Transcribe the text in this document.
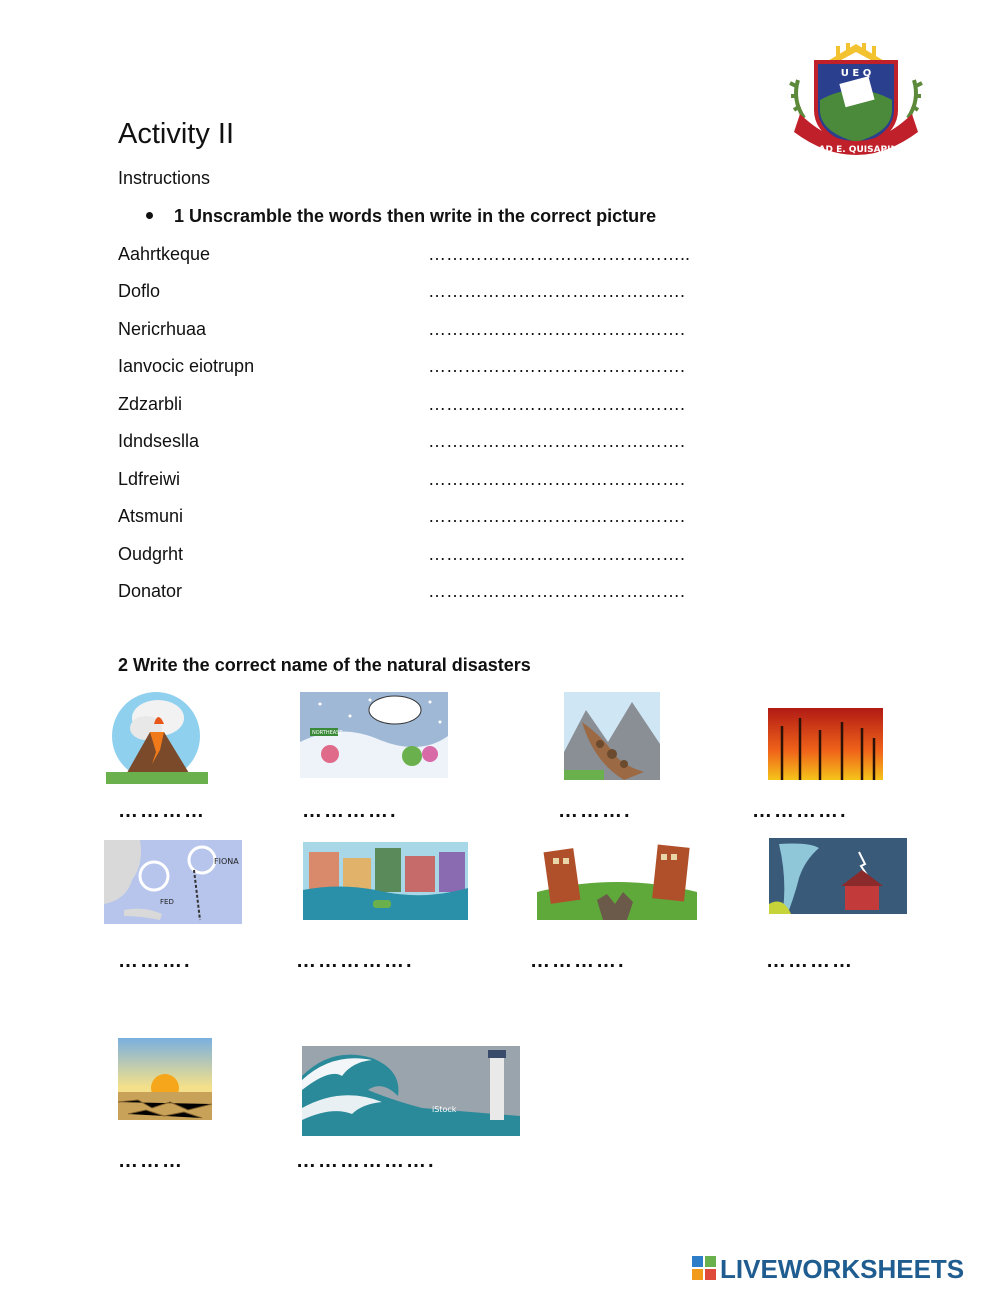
UNIDAD E. QUISAPINCHA
U E Q
Activity II
Instructions
1 Unscramble the words then write in the correct picture
Aahrtkeque	……………………………………..
Doflo	…………………………………….
Nericrhuaa	…………………………………….
Ianvocic eiotrupn	…………………………………….
Zdzarbli	…………………………………….
Idndseslla	…………………………………….
Ldfreiwi	…………………………………….
Atsmuni	…………………………………….
Oudgrht	…………………………………….
Donator	…………………………………….
2 Write the correct name of the natural disasters
NORTHEAST
…………	………….	……….	………….
FIONA
FED
……….	…………….	………….	…………
iStock
………	……………….
LIVEWORKSHEETS
